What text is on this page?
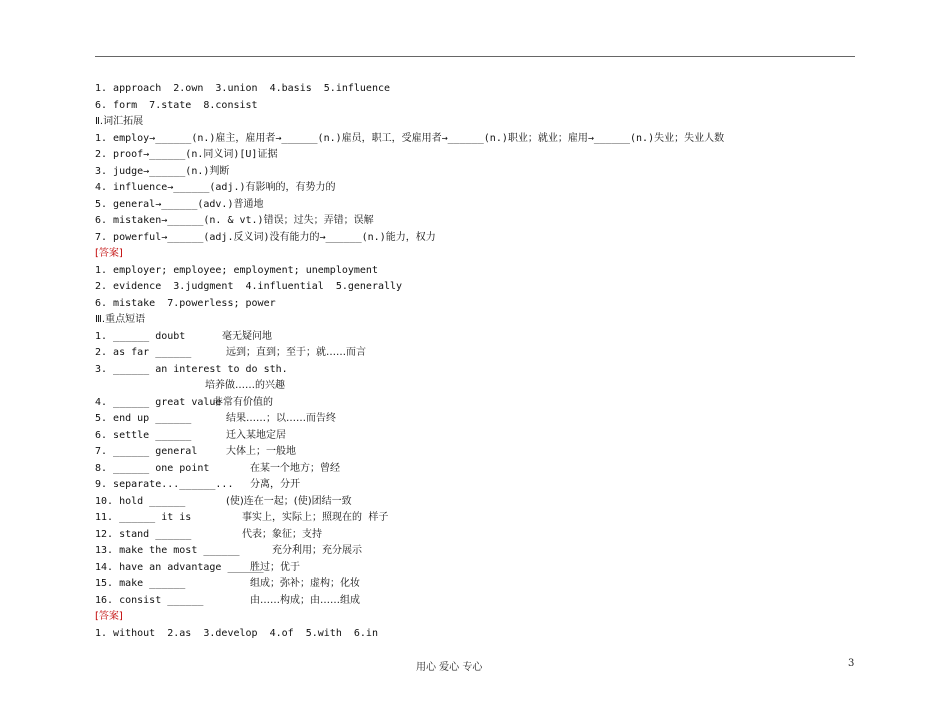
1. approach  2.own  3.union  4.basis  5.influence
6. form  7.state  8.consist
Ⅱ.词汇拓展
1. employ→______(n.)雇主，雇用者→______(n.)雇员，职工，受雇用者→______(n.)职业；就业；雇用→______(n.)失业；失业人数
2. proof→______(n.同义词)[U]证据
3. judge→______(n.)判断
4. influence→______(adj.)有影响的，有势力的
5. general→______(adv.)普通地
6. mistaken→______(n. & vt.)错误；过失；弄错；误解
7. powerful→______(adj.反义词)没有能力的→______(n.)能力，权力
[答案]
1. employer; employee; employment; unemployment
2. evidence  3.judgment  4.influential  5.generally
6. mistake  7.powerless; power
Ⅲ.重点短语
1. ______ doubt	毫无疑问地
2. as far ______	远到；直到；至于；就……而言
3. ______ an interest to do sth.
培养做……的兴趣
4. ______ great value
非常有价值的
5. end up ______	结果……；以……而告终
6. settle ______	迁入某地定居
7. ______ general	大体上；一般地
8. ______ one point	在某一个地方；曾经
9. separate...______... 分离，分开
10. hold ______	(使)连在一起；(使)团结一致
11. ______ it is	事实上，实际上；照现在的  样子
12. stand ______	代表；象征；支持
13. make the most ______	充分利用；充分展示
14. have an advantage ______
胜过；优于
15. make ______	组成；弥补；虚构；化妆
16. consist ______	由……构成；由……组成
[答案]
1. without  2.as  3.develop  4.of  5.with  6.in
用心 爱心 专心	3
